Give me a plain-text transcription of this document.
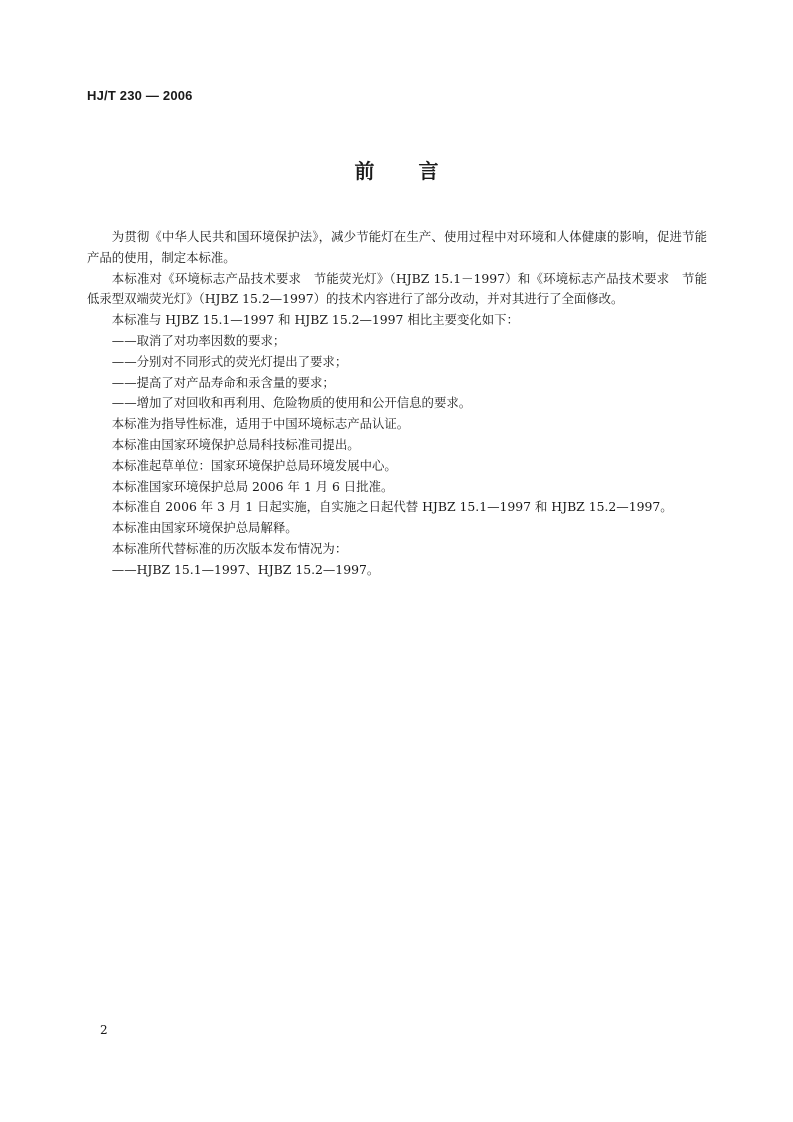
HJ/T 230 — 2006
前言

为贯彻《中华人民共和国环境保护法》，减少节能灯在生产、使用过程中对环境和人体健康的影响，促进节能产品的使用，制定本标准。

本标准对《环境标志产品技术要求　节能荧光灯》（HJBZ 15.1－1997）和《环境标志产品技术要求　节能低汞型双端荧光灯》（HJBZ 15.2—1997）的技术内容进行了部分改动，并对其进行了全面修改。

本标准与 HJBZ 15.1—1997 和 HJBZ 15.2—1997 相比主要变化如下：

——取消了对功率因数的要求；

——分别对不同形式的荧光灯提出了要求；

——提高了对产品寿命和汞含量的要求；

——增加了对回收和再利用、危险物质的使用和公开信息的要求。

本标准为指导性标准，适用于中国环境标志产品认证。

本标准由国家环境保护总局科技标准司提出。

本标准起草单位：国家环境保护总局环境发展中心。

本标准国家环境保护总局 2006 年 1 月 6 日批准。

本标准自 2006 年 3 月 1 日起实施，自实施之日起代替 HJBZ 15.1—1997 和 HJBZ 15.2—1997。

本标准由国家环境保护总局解释。

本标准所代替标准的历次版本发布情况为：

——HJBZ 15.1—1997、HJBZ 15.2—1997。

2
